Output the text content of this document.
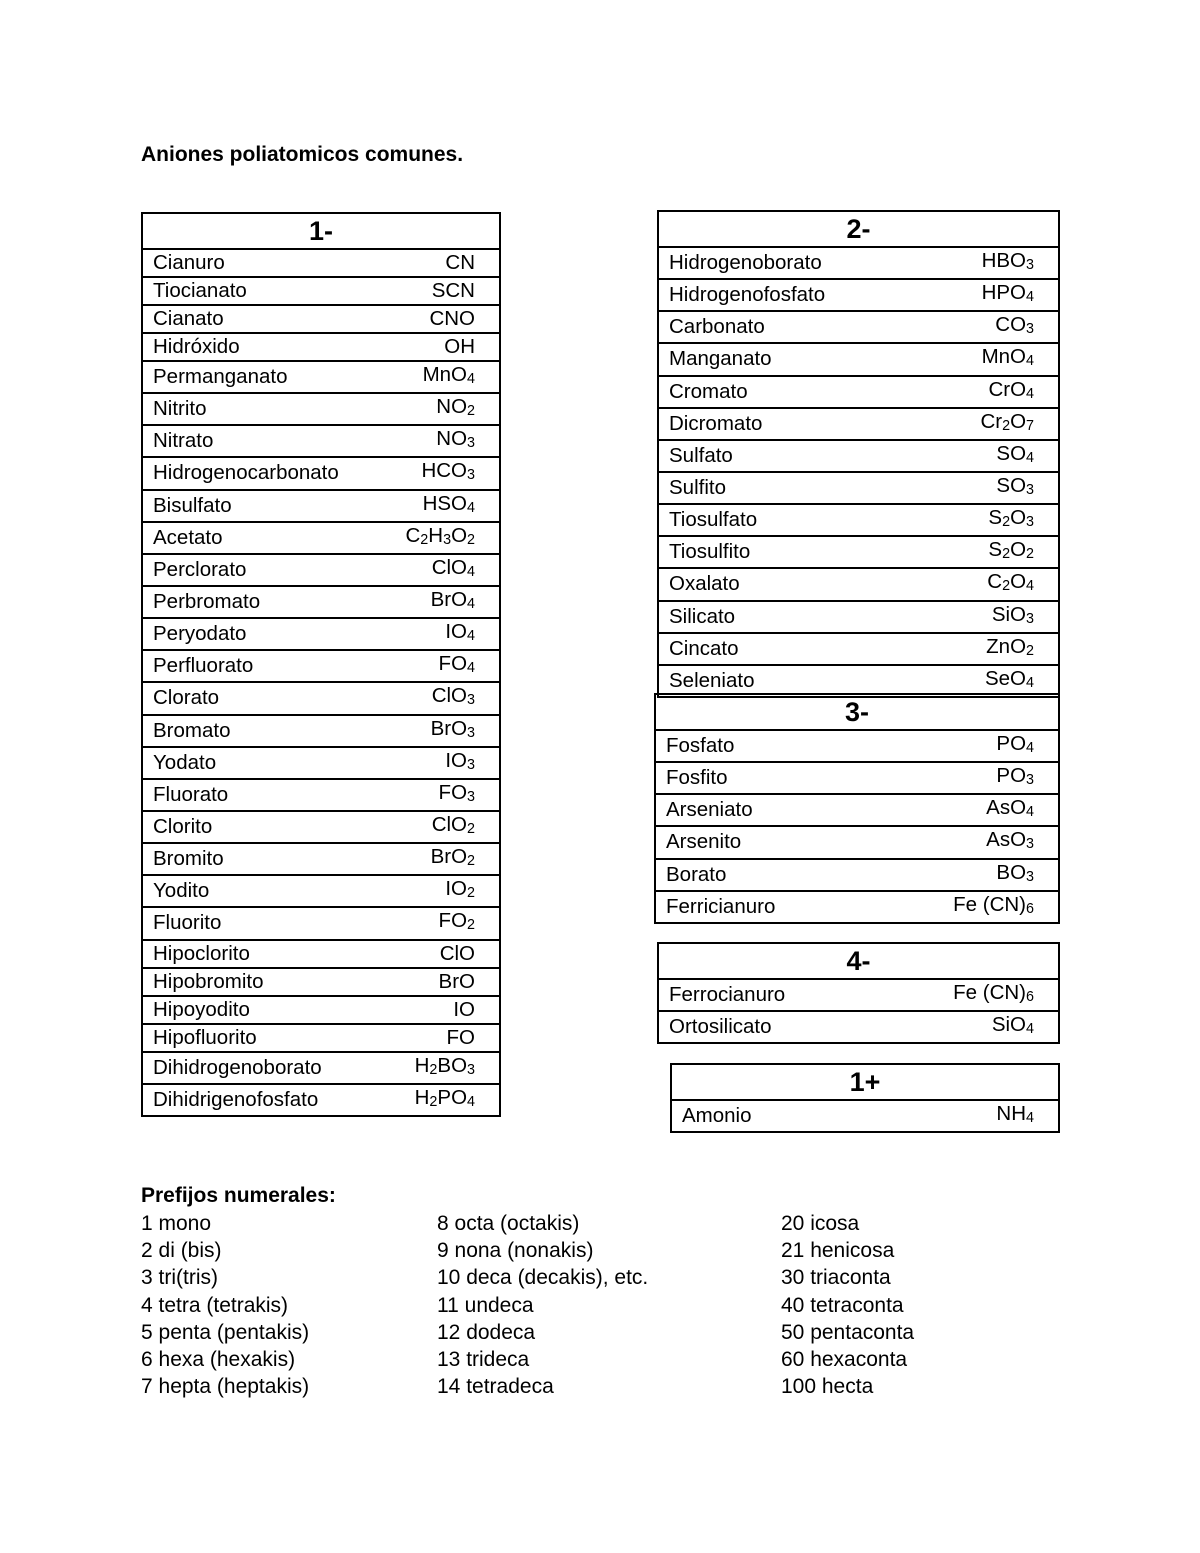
Aniones poliatomicos comunes.
1-	
Cianuro	CN
Tiocianato	SCN
Cianato	CNO
Hidróxido	OH
Permanganato	MnO$_4$
Nitrito	$NO_2$
Nitrato	$NO_3$
Hidrogenocarbonato	$HCO_3$
Bisulfato	$HSO_4$
Acetato	$C_2H_3O_2$
Perclorato	ClO$_4$
Perbromato	BrO$_4$
Peryodato	$IO_4$
Perfluorato	$FO_4$
Clorato	ClO$_3$
Bromato	BrO$_3$
Yodato	$IO_3$
Fluorato	$FO_3$
Clorito	ClO$_2$
Bromito	BrO$_2$
Yodito	$IO_2$
Fluorito	$FO_2$
Hipoclorito	ClO
Hipobromito	BrO
Hipoyodito	IO
Hipofluorito	FO
Dihidrogenoborato	$H_2BO_3$
Dihidrigenofosfato	$H_2PO_4$
2-	
Hidrogenoborato	$HBO_3$
Hidrogenofosfato	$HPO_4$
Carbonato	$CO_3$
Manganato	MnO$_4$
Cromato	CrO$_4$
Dicromato	$Cr_2O_7$
Sulfato	$SO_4$
Sulfito	$SO_3$
Tiosulfato	$S_2O_3$
Tiosulfito	$S_2O_2$
Oxalato	$C_2O_4$
Silicato	SiO$_3$
Cincato	ZnO$_2$
Seleniato	SeO$_4$
3-	
Fosfato	$PO_4$
Fosfito	$PO_3$
Arseniato	AsO$_4$
Arsenito	AsO$_3$
Borato	$BO_3$
Ferricianuro	Fe $(CN)_6$
4-	
Ferrocianuro	Fe $(CN)_6$
Ortosilicato	SiO$_4$
1+
Amonio	$NH_4$
Prefijos numerales:
1 mono
2 di (bis)
3 tri(tris)
4 tetra (tetrakis)
5 penta (pentakis)
6 hexa (hexakis)
7 hepta (heptakis)
8 octa (octakis)
9 nona (nonakis)
10 deca (decakis), etc.
11 undeca
12 dodeca
13 trideca
14 tetradeca
20 icosa
21 henicosa
30 triaconta
40 tetraconta
50 pentaconta
60 hexaconta
100 hecta
